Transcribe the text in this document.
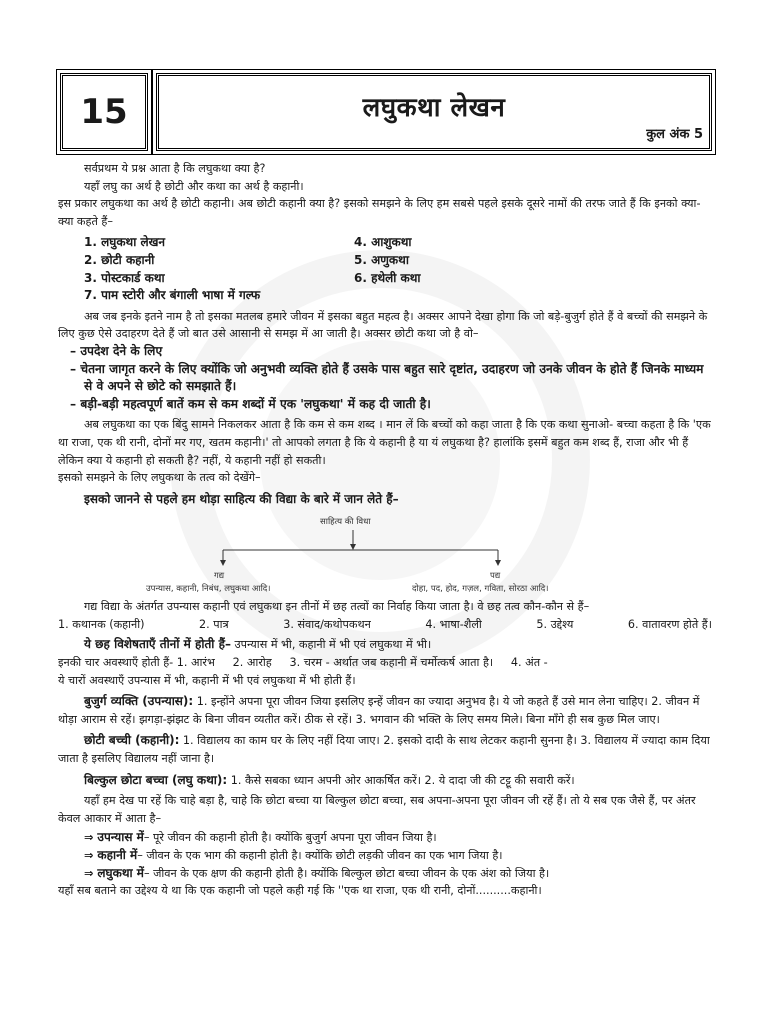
15	लघुकथा लेखन
कुल अंक 5

सर्वप्रथम ये प्रश्न आता है कि लघुकथा क्या है?

यहाँ लघु का अर्थ है छोटी और कथा का अर्थ है कहानी।

इस प्रकार लघुकथा का अर्थ है छोटी कहानी। अब छोटी कहानी क्या है? इसको समझने के लिए हम सबसे पहले इसके दूसरे नामों की तरफ जाते हैं कि इनको क्या-क्या कहते हैं–

1. लघुकथा लेखन	4. आशुकथा
2. छोटी कहानी	5. अणुकथा
3. पोस्टकार्ड कथा	6. हथेली कथा
7. पाम स्टोरी और बंगाली भाषा में गल्फ

अब जब इनके इतने नाम है तो इसका मतलब हमारे जीवन में इसका बहुत महत्व है। अक्सर आपने देखा होगा कि जो बड़े-बुजुर्ग होते हैं वे बच्चों की समझने के लिए कुछ ऐसे उदाहरण देते हैं जो बात उसे आसानी से समझ में आ जाती है। अक्सर छोटी कथा जो है वो–

– उपदेश देने के लिए

– चेतना जागृत करने के लिए क्योंकि जो अनुभवी व्यक्ति होते हैं उसके पास बहुत सारे दृष्टांत, उदाहरण जो उनके जीवन के होते हैं जिनके माध्यम से वे अपने से छोटे को समझाते हैं।

– बड़ी-बड़ी महत्वपूर्ण बातें कम से कम शब्दों में एक 'लघुकथा' में कह दी जाती है।

अब लघुकथा का एक बिंदु सामने निकलकर आता है कि कम से कम शब्द । मान लें कि बच्चों को कहा जाता है कि एक कथा सुनाओ- बच्चा कहता है कि 'एक था राजा, एक थी रानी, दोनों मर गए, खतम कहानी।' तो आपको लगता है कि ये कहानी है या यं लघुकथा है? हालांकि इसमें बहुत कम शब्द हैं, राजा और भी हैं लेकिन क्या ये कहानी हो सकती है? नहीं, ये कहानी नहीं हो सकती।

इसको समझने के लिए लघुकथा के तत्व को देखेंगे–

इसको जानने से पहले हम थोड़ा साहित्य की विद्या के बारे में जान लेते हैं–

साहित्य की विधा
गद्य
उपन्यास, कहानी, निबंध, लघुकथा आदि।
पद्य
दोहा, पद, होद, गज़ल, गविता, सोरठा आदि।

गद्य विद्या के अंतर्गत उपन्यास कहानी एवं लघुकथा इन तीनों में छह तत्वों का निर्वाह किया जाता है। वे छह तत्व कौन-कौन से हैं–

1. कथानक (कहानी)	2. पात्र	3. संवाद/कथोपकथन	4. भाषा-शैली	5. उद्देश्य	6. वातावरण होते हैं।

ये छह विशेषताएँ तीनों में होती हैं– उपन्यास में भी, कहानी में भी एवं लघुकथा में भी।

इनकी चार अवस्थाएँ होती हैं- 1. आरंभ     2. आरोह     3. चरम - अर्थात जब कहानी में चर्मोत्कर्ष आता है।     4. अंत -

ये चारों अवस्थाएँ उपन्यास में भी, कहानी में भी एवं लघुकथा में भी होती हैं।

बुजुर्ग व्यक्ति (उपन्यास): 1. इन्होंने अपना पूरा जीवन जिया इसलिए इन्हें जीवन का ज्यादा अनुभव है। ये जो कहते हैं उसे मान लेना चाहिए। 2. जीवन में थोड़ा आराम से रहें। झगड़ा-झंझट के बिना जीवन व्यतीत करें। ठीक से रहें। 3. भगवान की भक्ति के लिए समय मिले। बिना माँगे ही सब कुछ मिल जाए।

छोटी बच्ची (कहानी): 1. विद्यालय का काम घर के लिए नहीं दिया जाए। 2. इसको दादी के साथ लेटकर कहानी सुनना है। 3. विद्यालय में ज्यादा काम दिया जाता है इसलिए विद्यालय नहीं जाना है।

बिल्कुल छोटा बच्चा (लघु कथा): 1. कैसे सबका ध्यान अपनी ओर आकर्षित करें। 2. ये दादा जी की टट्टू की सवारी करें।

यहाँ हम देख पा रहें कि चाहे बड़ा है, चाहे कि छोटा बच्चा या बिल्कुल छोटा बच्चा, सब अपना-अपना पूरा जीवन जी रहें हैं। तो ये सब एक जैसे हैं, पर अंतर केवल आकार में आता है–

⇒ उपन्यास में– पूरे जीवन की कहानी होती है। क्योंकि बुजुर्ग अपना पूरा जीवन जिया है।

⇒ कहानी में– जीवन के एक भाग की कहानी होती है। क्योंकि छोटी लड़की जीवन का एक भाग जिया है।

⇒ लघुकथा में– जीवन के एक क्षण की कहानी होती है। क्योंकि बिल्कुल छोटा बच्चा जीवन के एक अंश को जिया है।

यहाँ सब बताने का उद्देश्य ये था कि एक कहानी जो पहले कही गई कि ''एक था राजा, एक थी रानी, दोनों..........कहानी।
